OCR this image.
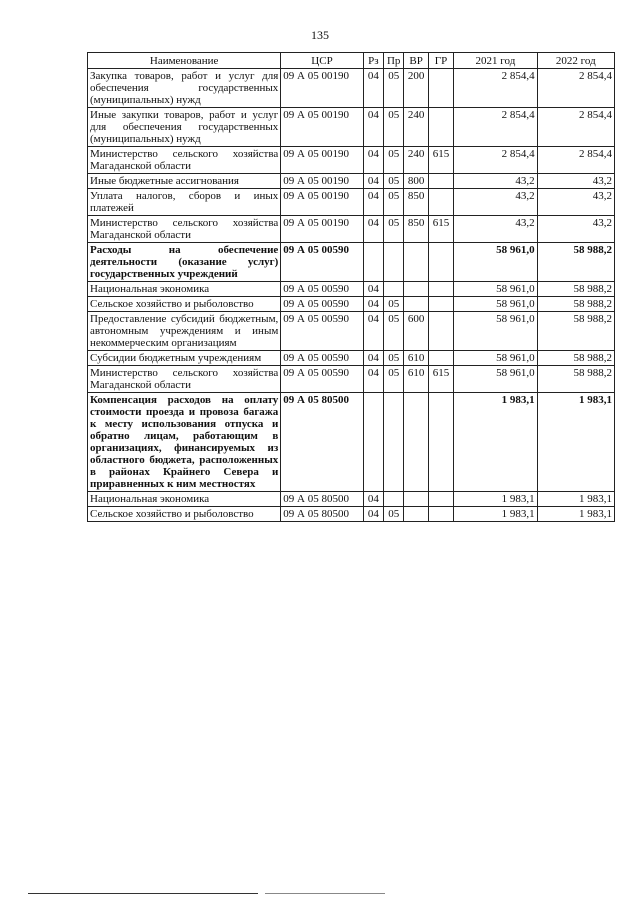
135
Наименование	ЦСР	Рз	Пр	ВР	ГР	2021 год	2022 год
Закупка товаров, работ и услуг для обеспечения государственных (муниципальных) нужд	09 А 05 00190	04	05	200		2 854,4	2 854,4
Иные закупки товаров, работ и услуг для обеспечения государственных (муниципальных) нужд	09 А 05 00190	04	05	240		2 854,4	2 854,4
Министерство сельского хозяйства Магаданской области	09 А 05 00190	04	05	240	615	2 854,4	2 854,4
Иные бюджетные ассигнования	09 А 05 00190	04	05	800		43,2	43,2
Уплата налогов, сборов и иных платежей	09 А 05 00190	04	05	850		43,2	43,2
Министерство сельского хозяйства Магаданской области	09 А 05 00190	04	05	850	615	43,2	43,2
Расходы на обеспечение деятельности (оказание услуг) государственных учреждений	09 А 05 00590					58 961,0	58 988,2
Национальная экономика	09 А 05 00590	04				58 961,0	58 988,2
Сельское хозяйство и рыболовство	09 А 05 00590	04	05			58 961,0	58 988,2
Предоставление субсидий бюджетным, автономным учреждениям и иным некоммерческим организациям	09 А 05 00590	04	05	600		58 961,0	58 988,2
Субсидии бюджетным учреждениям	09 А 05 00590	04	05	610		58 961,0	58 988,2
Министерство сельского хозяйства Магаданской области	09 А 05 00590	04	05	610	615	58 961,0	58 988,2
Компенсация расходов на оплату стоимости проезда и провоза багажа к месту использования отпуска и обратно лицам, работающим в организациях, финансируемых из областного бюджета, расположенных в районах Крайнего Севера и приравненных к ним местностях	09 А 05 80500					1 983,1	1 983,1
Национальная экономика	09 А 05 80500	04				1 983,1	1 983,1
Сельское хозяйство и рыболовство	09 А 05 80500	04	05			1 983,1	1 983,1
